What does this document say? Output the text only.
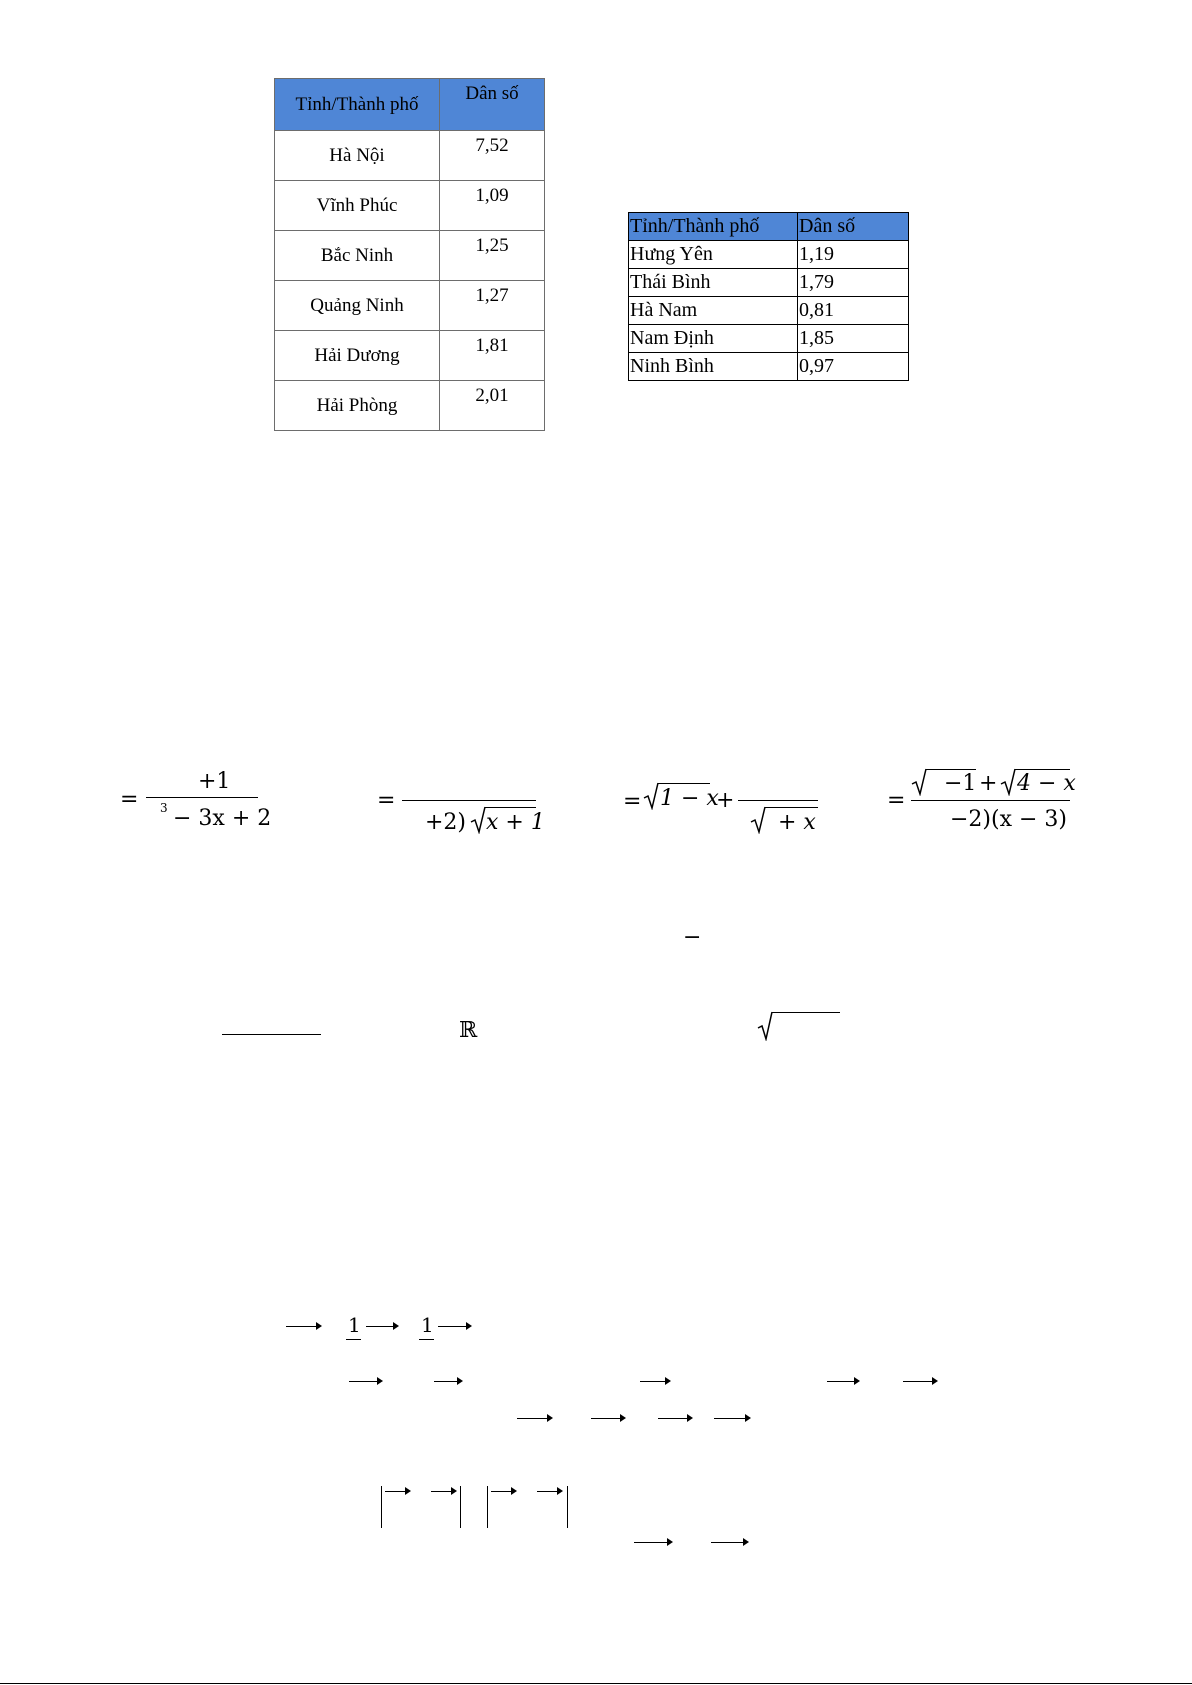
Tỉnh/Thành phố	Dân số
Hà Nội	7,52
Vĩnh Phúc	1,09
Bắc Ninh	1,25
Quảng Ninh	1,27
Hải Dương	1,81
Hải Phòng	2,01
Tỉnh/Thành phố	Dân số
Hưng Yên	1,19
Thái Bình	1,79
Hà Nam	0,81
Nam Định	1,85
Ninh Bình	0,97
=
+1
3 − 3x + 2
=
+2) x + 1
= 1 − x
+
+ x
=
−1 + 4 − x
−2)(x − 3)
−
ℝ
1	1
